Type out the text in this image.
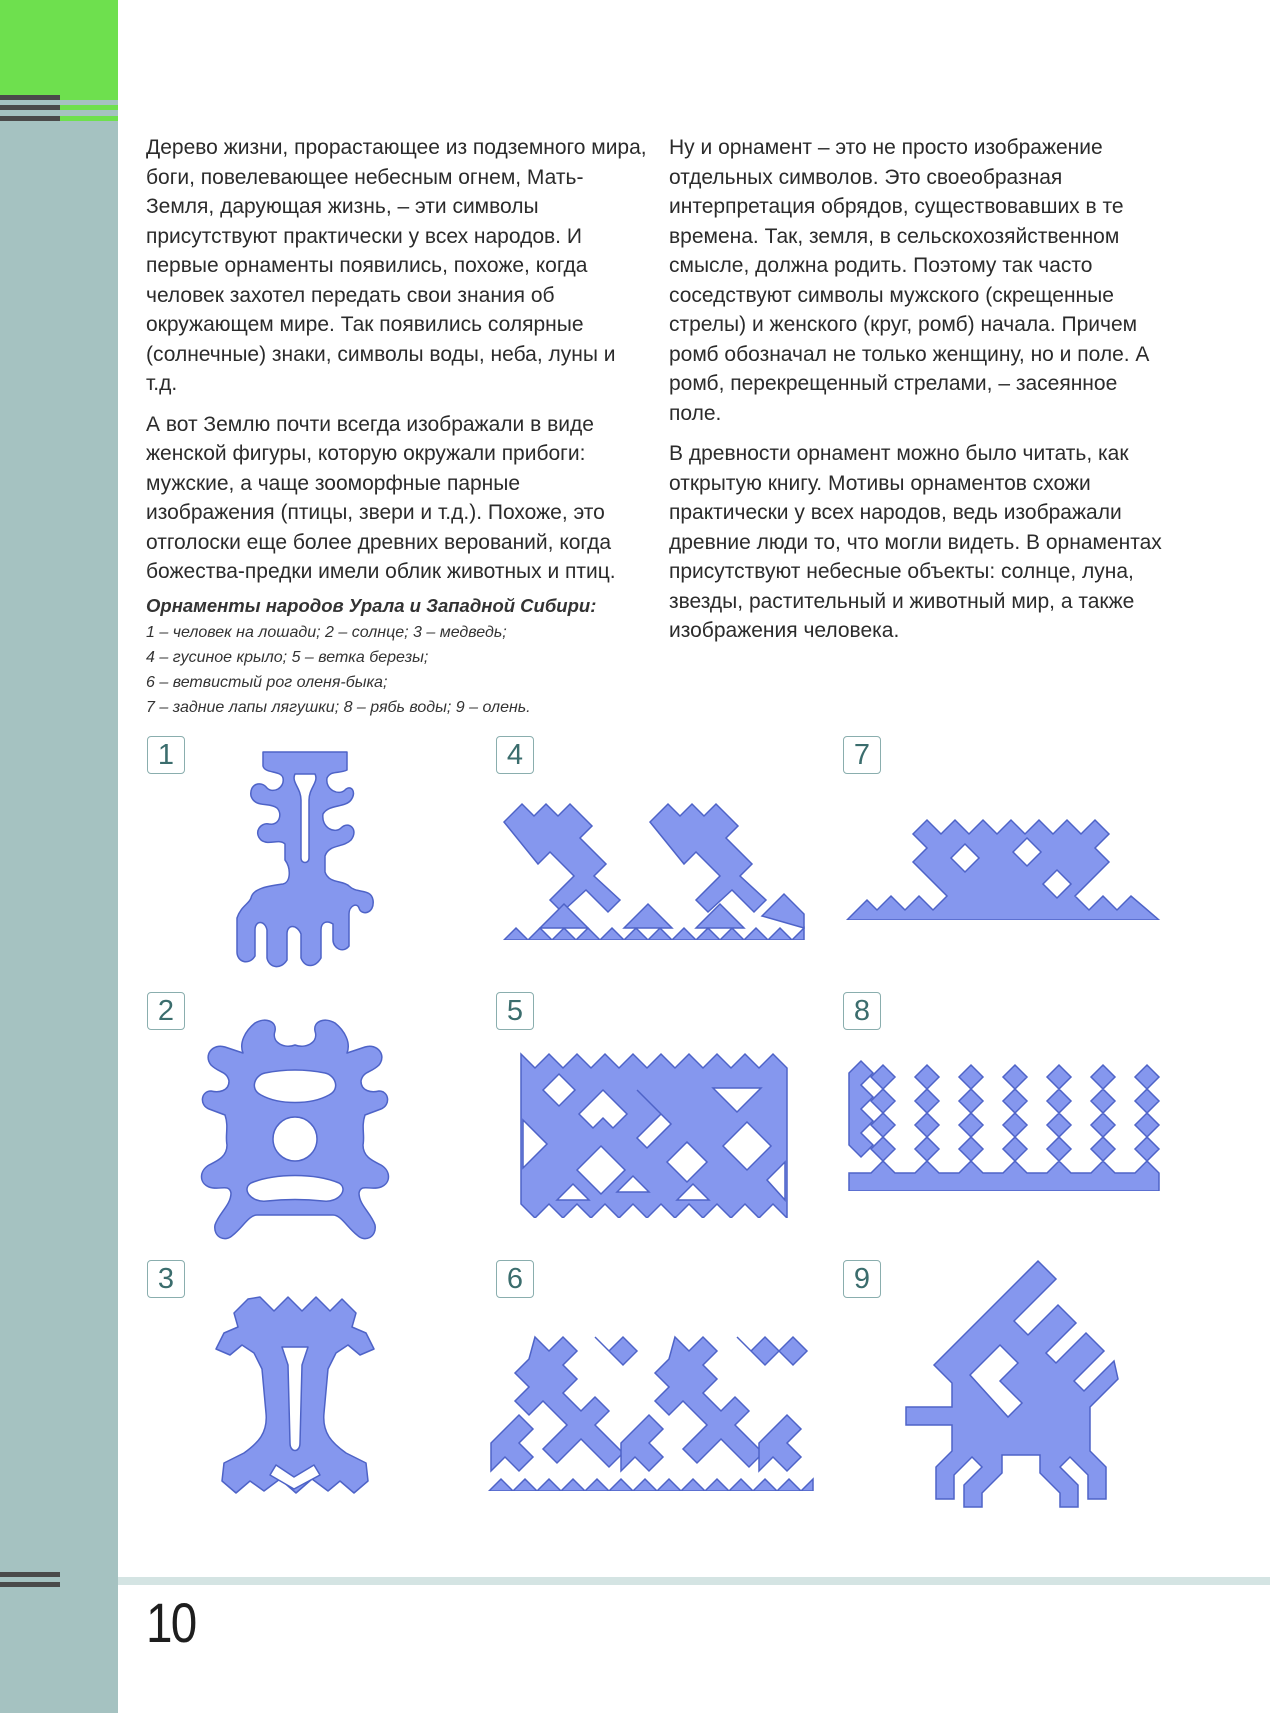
10

Дерево жизни, прорастающее из подземного мира, боги, повелевающее небесным огнем, Мать-Земля, дарующая жизнь, – эти символы присутствуют практически у всех народов. И первые орнаменты появились, похоже, когда человек захотел передать свои знания об окружающем мире. Так появились солярные (солнечные) знаки, символы воды, неба, луны и т.д.

А вот Землю почти всегда изображали в виде женской фигуры, которую окружали прибоги: мужские, а чаще зооморфные парные изображения (птицы, звери и т.д.). Похоже, это отголоски еще более древних верований, когда божества-предки имели облик животных и птиц.

Ну и орнамент – это не просто изображение отдельных символов. Это своеобразная интерпретация обрядов, существовавших в те времена. Так, земля, в сельскохозяйственном смысле, должна родить. Поэтому так часто соседствуют символы мужского (скрещенные стрелы) и женского (круг, ромб) начала. Причем ромб обозначал не только женщину, но и поле. А ромб, перекрещенный стрелами, – засеянное поле.

В древности орнамент можно было читать, как открытую книгу. Мотивы орнаментов схожи практически у всех народов, ведь изображали древние люди то, что могли видеть. В орнаментах присутствуют небесные объекты: солнце, луна, звезды, растительный и животный мир, а также изображения человека.

Орнаменты народов Урала и Западной Сибири:
1 – человек на лошади; 2 – солнце; 3 – медведь;
4 – гусиное крыло; 5 – ветка березы;
6 – ветвистый рог оленя-быка;
7 – задние лапы лягушки; 8 – рябь воды; 9 – олень.
1
2
3
4
5
6
7
8
9
